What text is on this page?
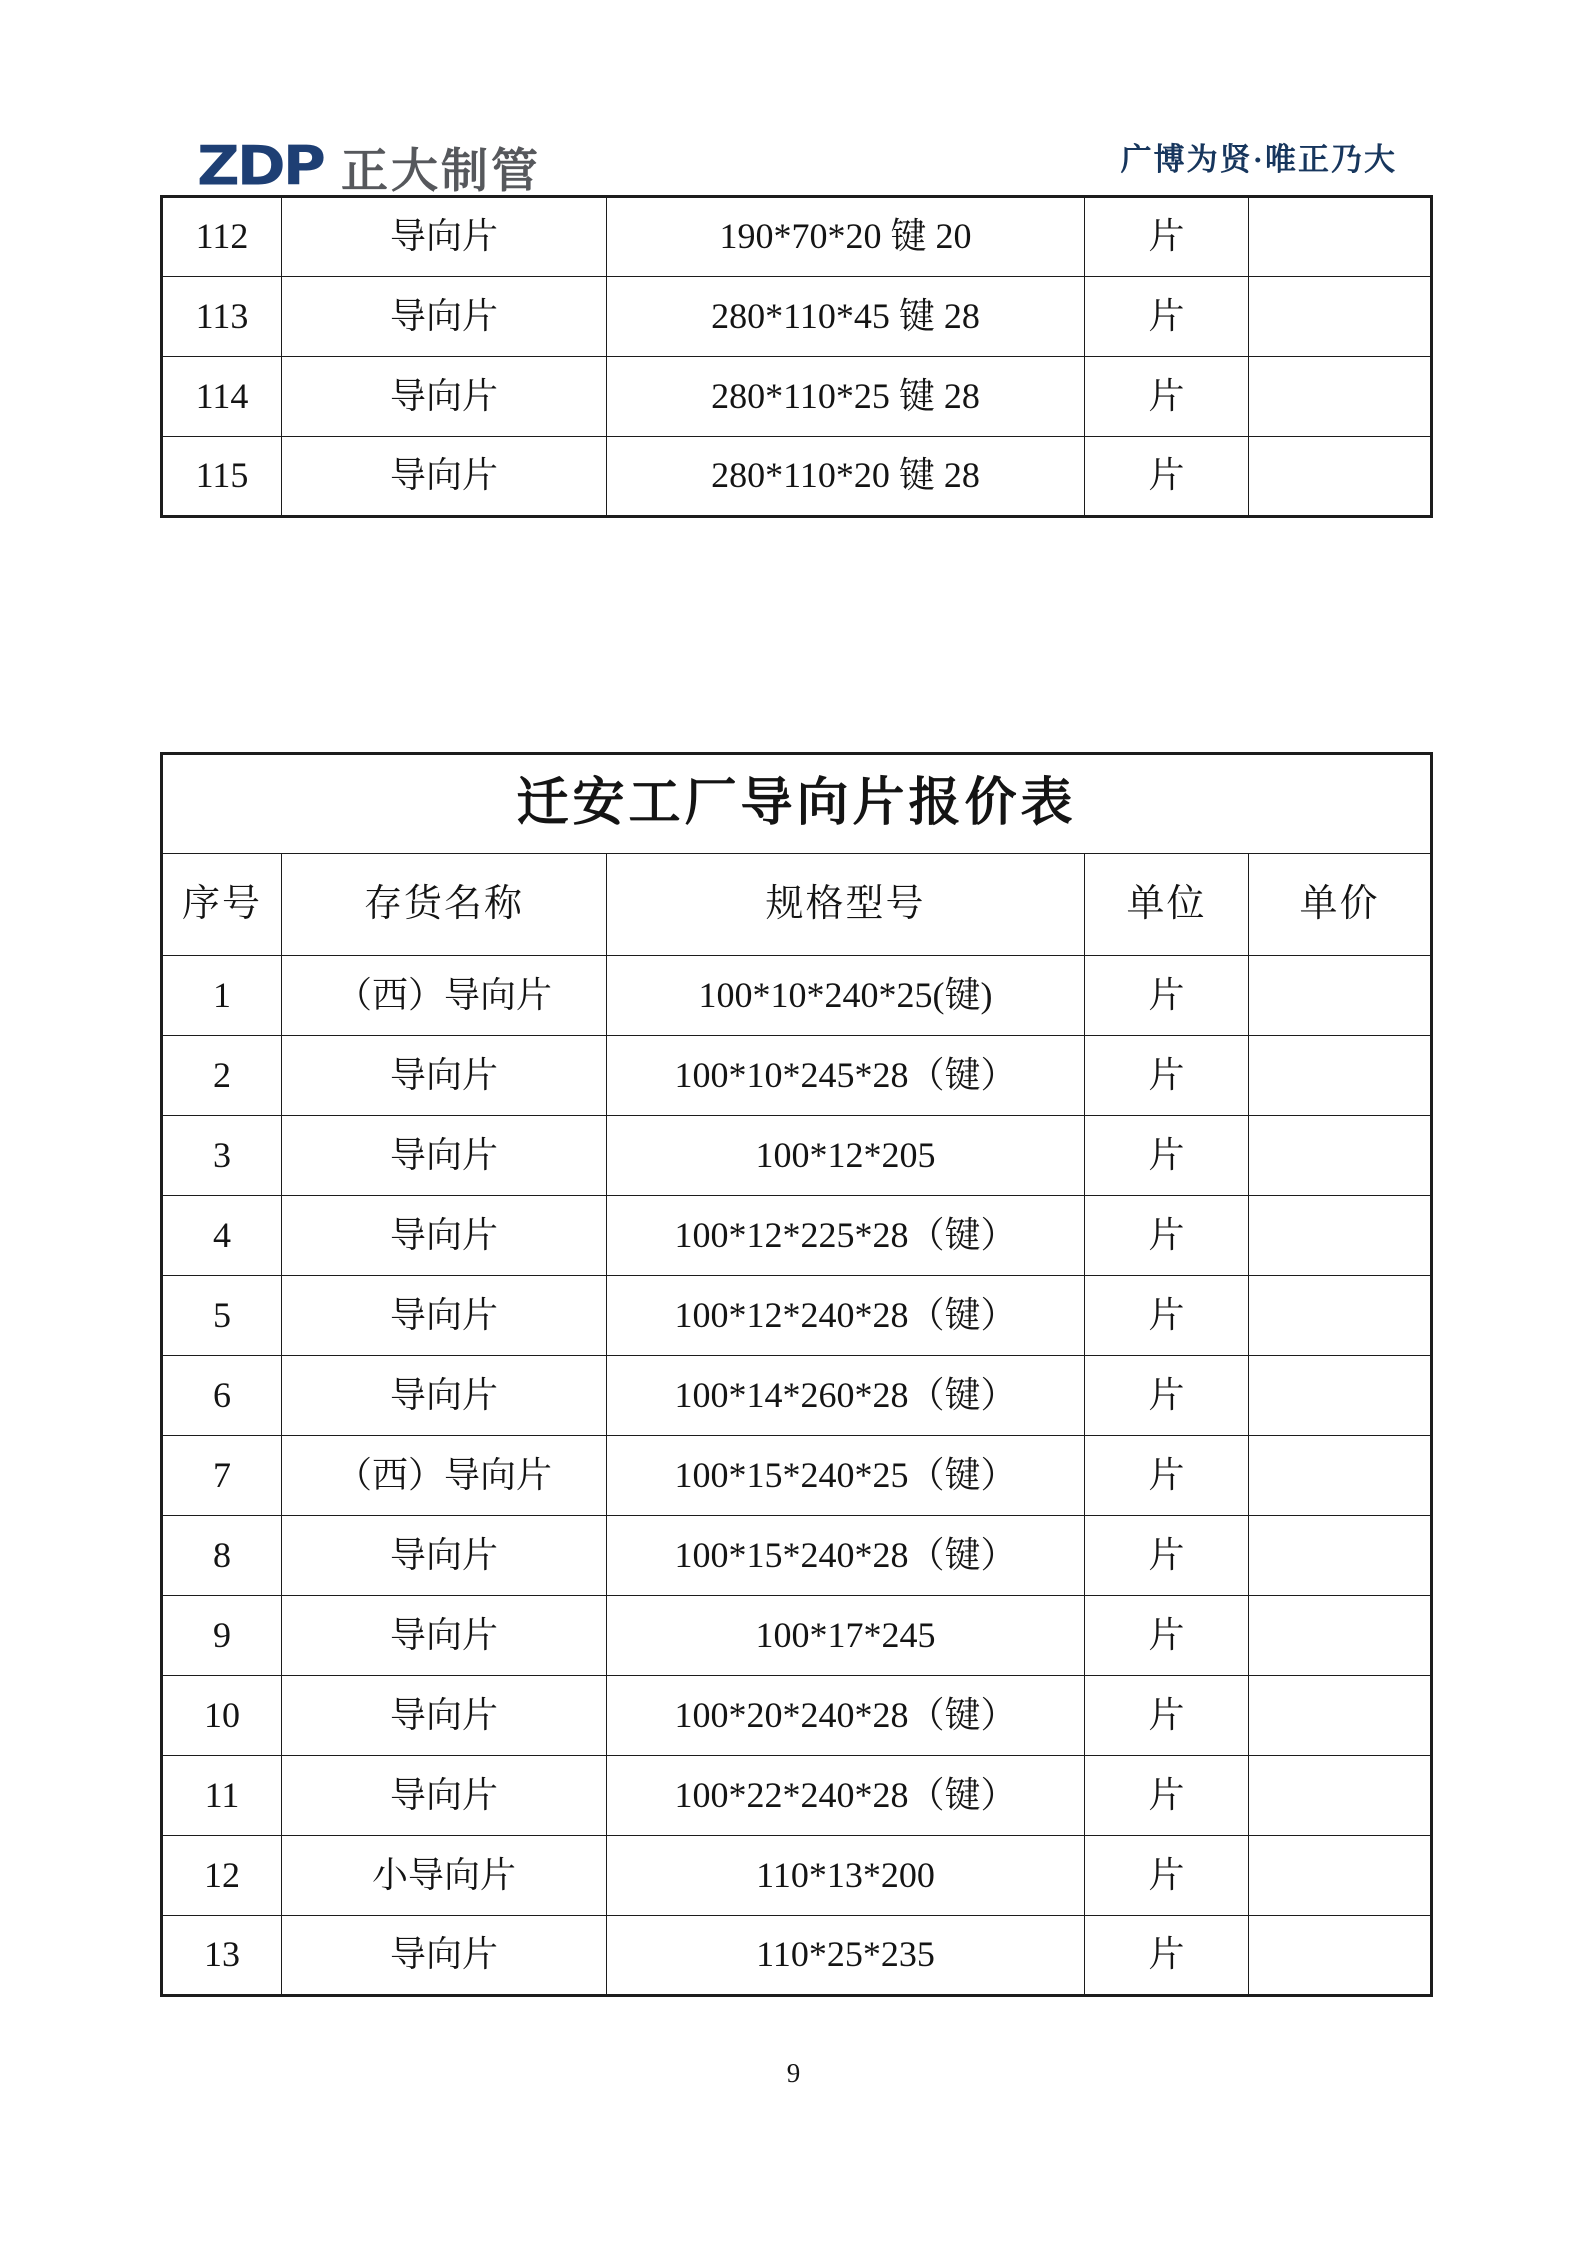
ZDP 正大制管	广博为贤·唯正乃大
112	导向片	190*70*20 键 20	片	
113	导向片	280*110*45 键 28	片	
114	导向片	280*110*25 键 28	片	
115	导向片	280*110*20 键 28	片	
迁安工厂导向片报价表				
序号	存货名称	规格型号	单位	单价
1	（西）导向片	100*10*240*25(键)	片	
2	导向片	100*10*245*28（键）	片	
3	导向片	100*12*205	片	
4	导向片	100*12*225*28（键）	片	
5	导向片	100*12*240*28（键）	片	
6	导向片	100*14*260*28（键）	片	
7	（西）导向片	100*15*240*25（键）	片	
8	导向片	100*15*240*28（键）	片	
9	导向片	100*17*245	片	
10	导向片	100*20*240*28（键）	片	
11	导向片	100*22*240*28（键）	片	
12	小导向片	110*13*200	片	
13	导向片	110*25*235	片	
9
